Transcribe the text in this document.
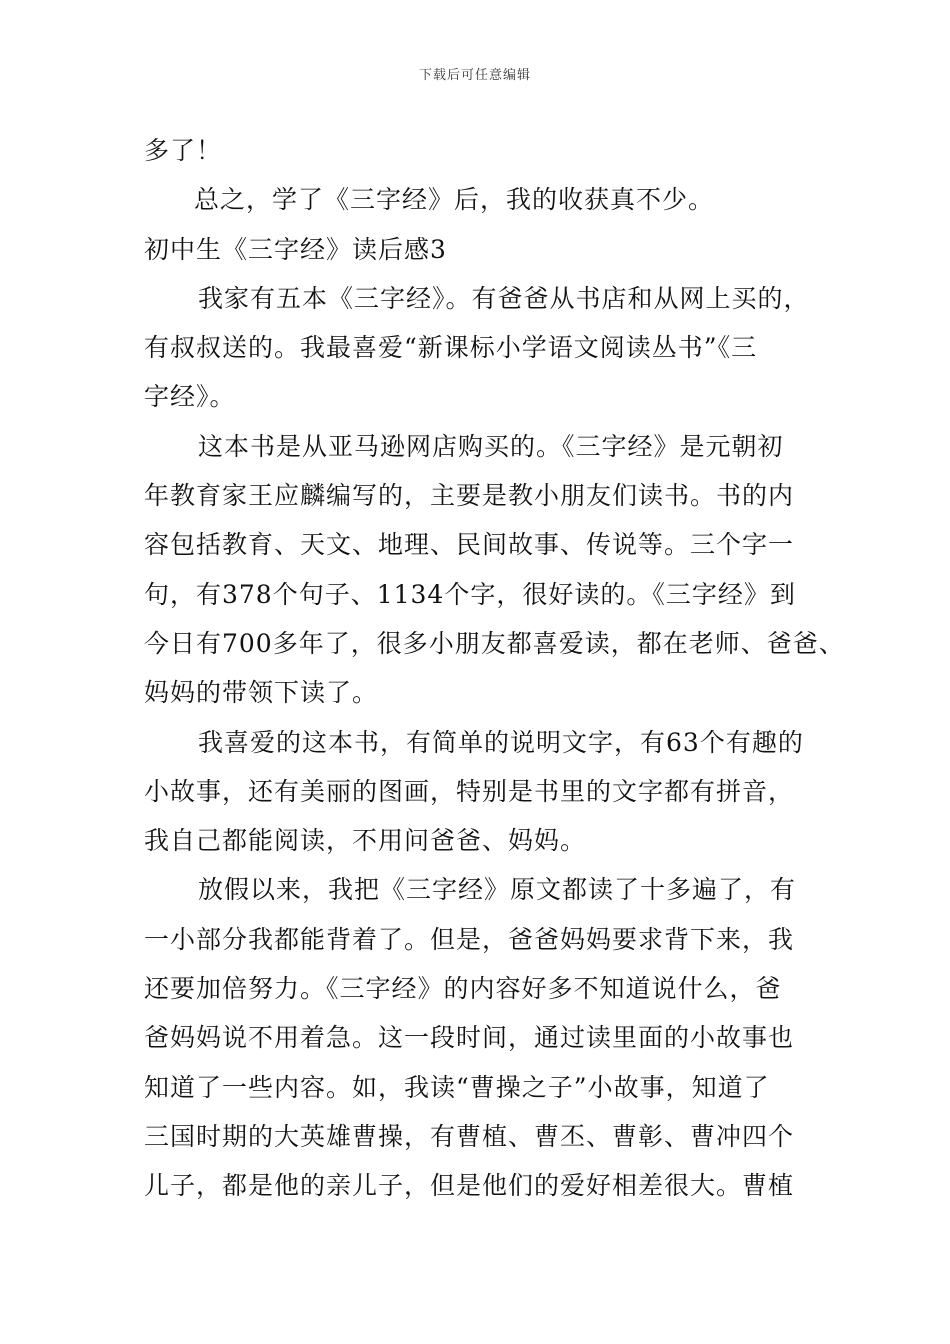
下载后可任意编辑
多了！
总之，学了《三字经》后，我的收获真不少。
初中生《三字经》读后感3
我家有五本《三字经》。有爸爸从书店和从网上买的，
有叔叔送的。我最喜爱“新课标小学语文阅读丛书”《三
字经》。
这本书是从亚马逊网店购买的。《三字经》是元朝初
年教育家王应麟编写的，主要是教小朋友们读书。书的内
容包括教育、天文、地理、民间故事、传说等。三个字一
句，有378个句子、1134个字，很好读的。《三字经》到
今日有700多年了，很多小朋友都喜爱读，都在老师、爸爸、
妈妈的带领下读了。
我喜爱的这本书，有简单的说明文字，有63个有趣的
小故事，还有美丽的图画，特别是书里的文字都有拼音，
我自己都能阅读，不用问爸爸、妈妈。
放假以来，我把《三字经》原文都读了十多遍了，有
一小部分我都能背着了。但是，爸爸妈妈要求背下来，我
还要加倍努力。《三字经》的内容好多不知道说什么，爸
爸妈妈说不用着急。这一段时间，通过读里面的小故事也
知道了一些内容。如，我读“曹操之子”小故事，知道了
三国时期的大英雄曹操，有曹植、曹丕、曹彰、曹冲四个
儿子，都是他的亲儿子，但是他们的爱好相差很大。曹植
